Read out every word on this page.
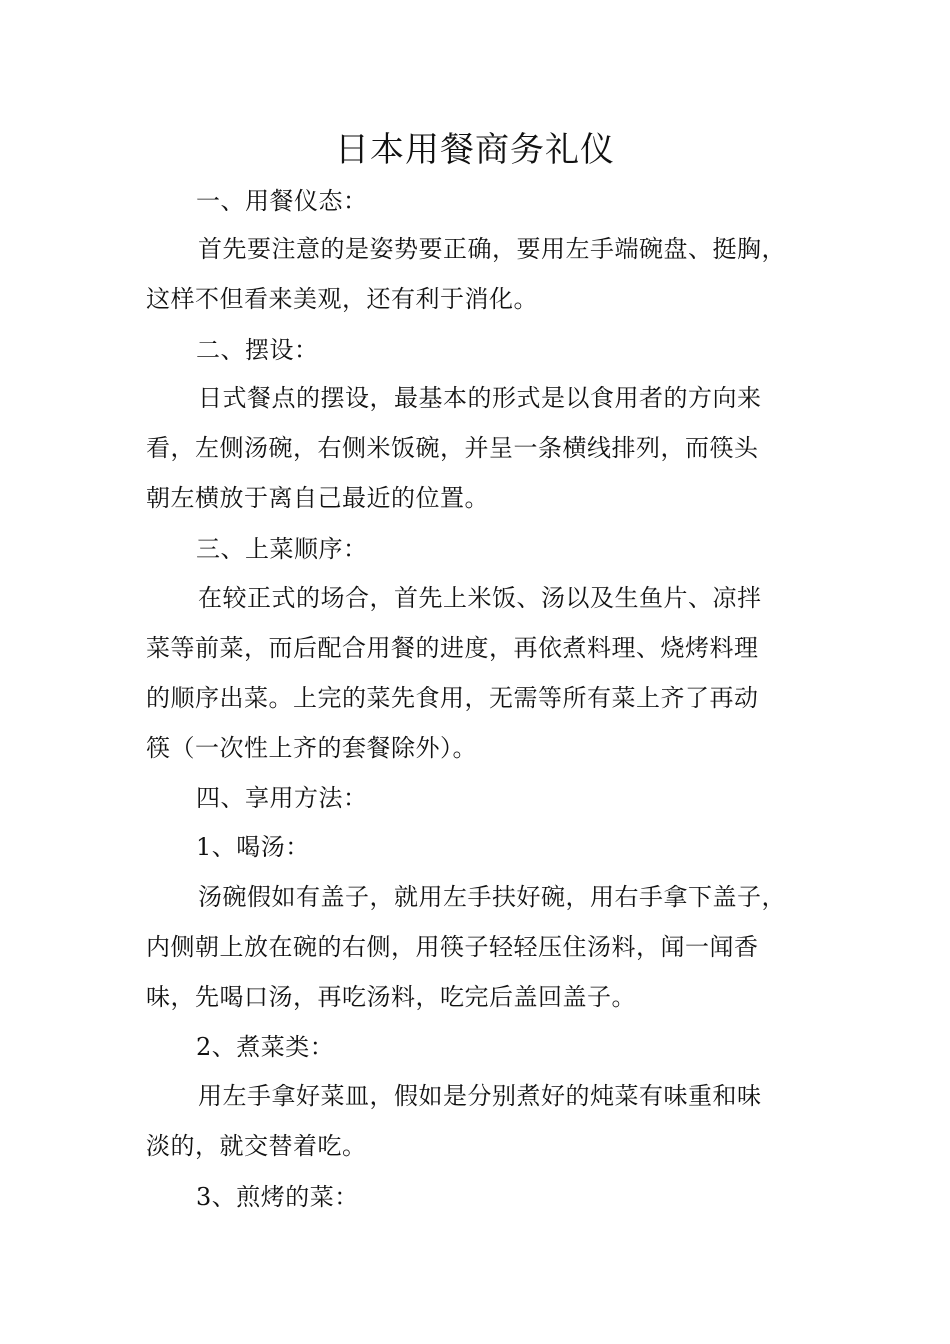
日本用餐商务礼仪
一、用餐仪态：
首先要注意的是姿势要正确，要用左手端碗盘、挺胸，
这样不但看来美观，还有利于消化。
二、摆设：
日式餐点的摆设，最基本的形式是以食用者的方向来
看，左侧汤碗，右侧米饭碗，并呈一条横线排列，而筷头
朝左横放于离自己最近的位置。
三、上菜顺序：
在较正式的场合，首先上米饭、汤以及生鱼片、凉拌
菜等前菜，而后配合用餐的进度，再依煮料理、烧烤料理
的顺序出菜。上完的菜先食用，无需等所有菜上齐了再动
筷（一次性上齐的套餐除外）。
四、享用方法：
1、喝汤：
汤碗假如有盖子，就用左手扶好碗，用右手拿下盖子，
内侧朝上放在碗的右侧，用筷子轻轻压住汤料，闻一闻香
味，先喝口汤，再吃汤料，吃完后盖回盖子。
2、煮菜类：
用左手拿好菜皿，假如是分别煮好的炖菜有味重和味
淡的，就交替着吃。
3、煎烤的菜：
